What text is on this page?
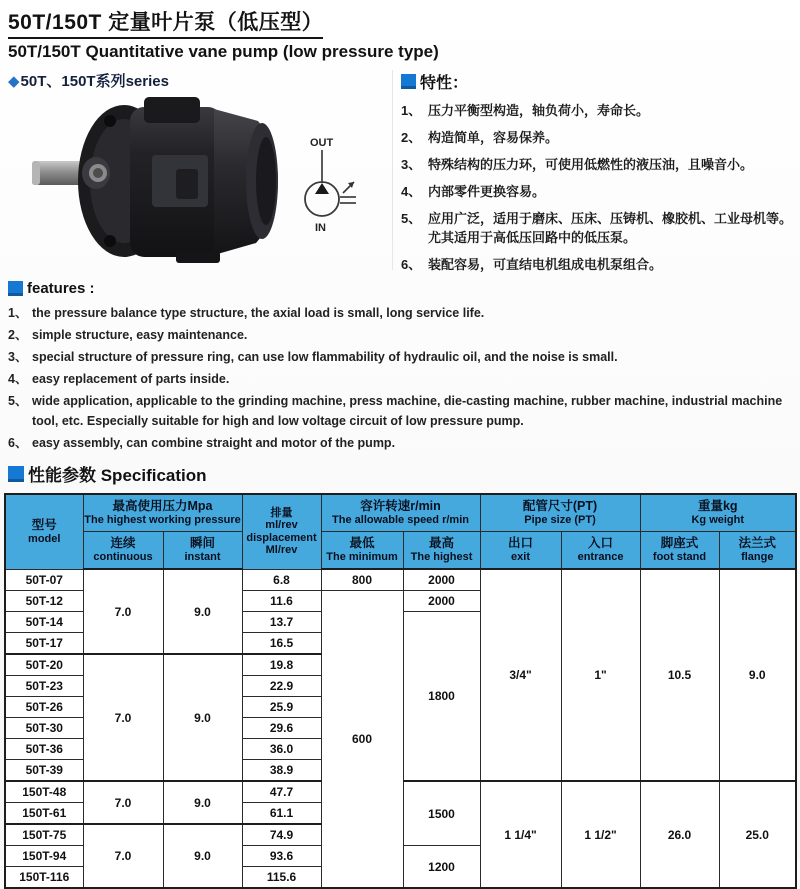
50T/150T 定量叶片泵（低压型）
50T/150T Quantitative vane pump (low pressure type)
◆50T、150T系列series
OUT
IN
特性：
1、 压力平衡型构造，轴负荷小，寿命长。
2、 构造简单，容易保养。
3、 特殊结构的压力环，可使用低燃性的液压油，且噪音小。
4、 内部零件更换容易。
5、 应用广泛，适用于磨床、压床、压铸机、橡胶机、工业母机等。尤其适用于高低压回路中的低压泵。
6、 装配容易，可直结电机组成电机泵组合。
features :
1、 the pressure balance type structure, the axial load is small, long service life.
2、 simple structure, easy maintenance.
3、 special structure of pressure ring, can use low flammability of hydraulic oil, and the noise is small.
4、 easy replacement of parts inside.
5、 wide application, applicable to the grinding machine, press machine, die-casting machine, rubber machine, industrial machine tool, etc. Especially suitable for high and low voltage circuit of low pressure pump.
6、 easy assembly, can combine straight and motor of the pump.
性能参数 Specification
型号
model	最高使用压力Mpa
The highest working pressure		排量
ml/rev
displacement
Ml/rev	容许转速r/min
The allowable speed r/min		配管尺寸(PT)
Pipe size (PT)		重量kg
Kg weight	

	连续
continuous	瞬间
instant		最低
The minimum	最高
The highest	出口
exit	入口
entrance	脚座式
foot stand	法兰式
flange

50T-07	7.0	9.0	6.8	800	2000	3/4"	1"	10.5	9.0
50T-12			11.6	600	2000				
50T-14			13.7		1800				
50T-17			16.5						
50T-20	7.0	9.0	19.8						
50T-23			22.9						
50T-26			25.9						
50T-30			29.6						
50T-36			36.0						
50T-39			38.9						
150T-48	7.0	9.0	47.7		1500	1 1/4"	1 1/2"	26.0	25.0
150T-61			61.1						
150T-75	7.0	9.0	74.9						
150T-94			93.6		1200				
150T-116			115.6						
